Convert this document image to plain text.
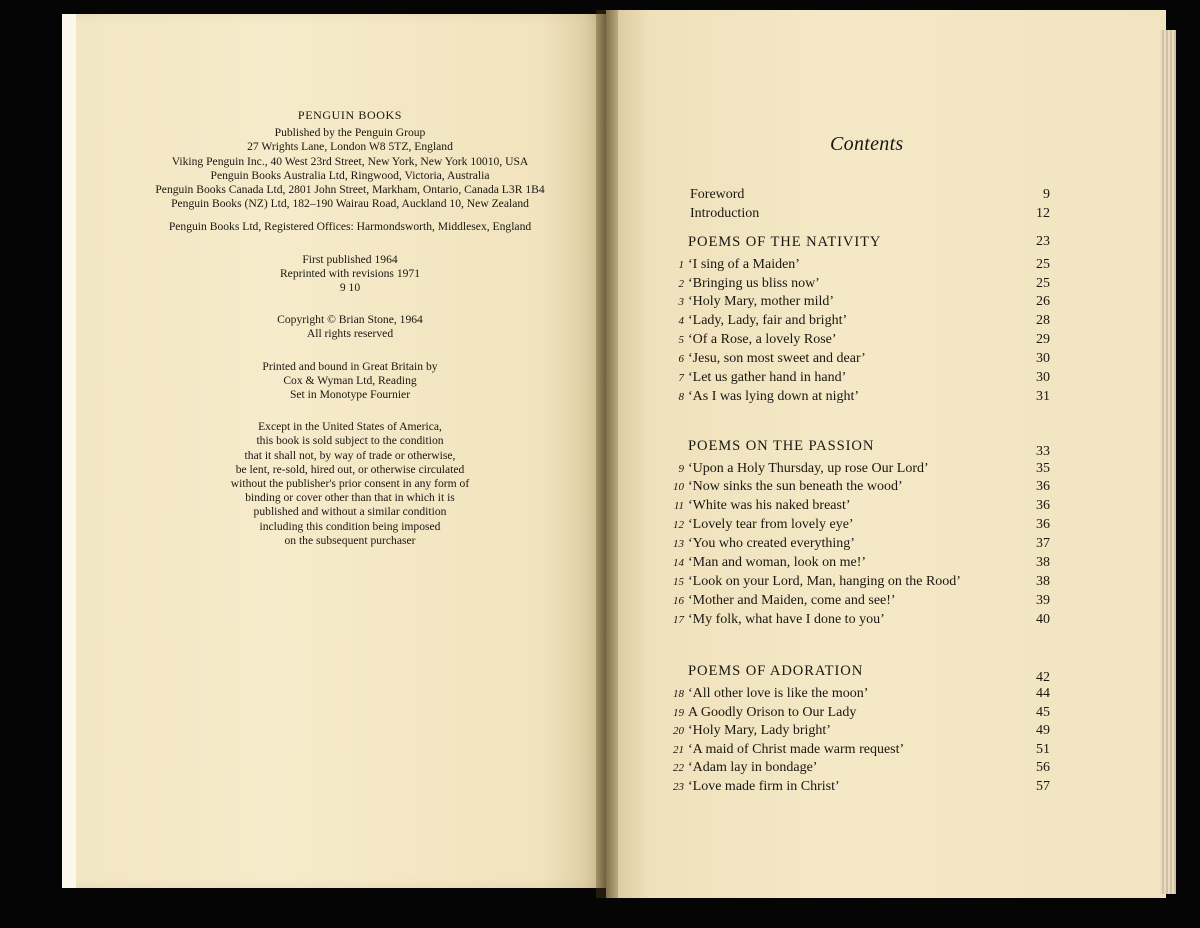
PENGUIN BOOKS

Published by the Penguin Group

27 Wrights Lane, London W8 5TZ, England

Viking Penguin Inc., 40 West 23rd Street, New York, New York 10010, USA

Penguin Books Australia Ltd, Ringwood, Victoria, Australia

Penguin Books Canada Ltd, 2801 John Street, Markham, Ontario, Canada L3R 1B4

Penguin Books (NZ) Ltd, 182–190 Wairau Road, Auckland 10, New Zealand

Penguin Books Ltd, Registered Offices: Harmondsworth, Middlesex, England

First published 1964

Reprinted with revisions 1971

9 10

Copyright © Brian Stone, 1964

All rights reserved

Printed and bound in Great Britain by

Cox & Wyman Ltd, Reading

Set in Monotype Fournier

Except in the United States of America,

this book is sold subject to the condition

that it shall not, by way of trade or otherwise,

be lent, re-sold, hired out, or otherwise circulated

without the publisher's prior consent in any form of

binding or cover other than that in which it is

published and without a similar condition

including this condition being imposed

on the subsequent purchaser

Contents
Foreword	9
Introduction	12
POEMS OF THE NATIVITY	23
1 ‘I sing of a Maiden’	25
2 ‘Bringing us bliss now’	25
3 ‘Holy Mary, mother mild’	26
4 ‘Lady, Lady, fair and bright’	28
5 ‘Of a Rose, a lovely Rose’	29
6 ‘Jesu, son most sweet and dear’	30
7 ‘Let us gather hand in hand’	30
8 ‘As I was lying down at night’	31
POEMS ON THE PASSION	33
9 ‘Upon a Holy Thursday, up rose Our Lord’	35
10 ‘Now sinks the sun beneath the wood’	36
11 ‘White was his naked breast’	36
12 ‘Lovely tear from lovely eye’	36
13 ‘You who created everything’	37
14 ‘Man and woman, look on me!’	38
15 ‘Look on your Lord, Man, hanging on the Rood’	38
16 ‘Mother and Maiden, come and see!’	39
17 ‘My folk, what have I done to you’	40
POEMS OF ADORATION	42
18 ‘All other love is like the moon’	44
19 A Goodly Orison to Our Lady	45
20 ‘Holy Mary, Lady bright’	49
21 ‘A maid of Christ made warm request’	51
22 ‘Adam lay in bondage’	56
23 ‘Love made firm in Christ’	57
